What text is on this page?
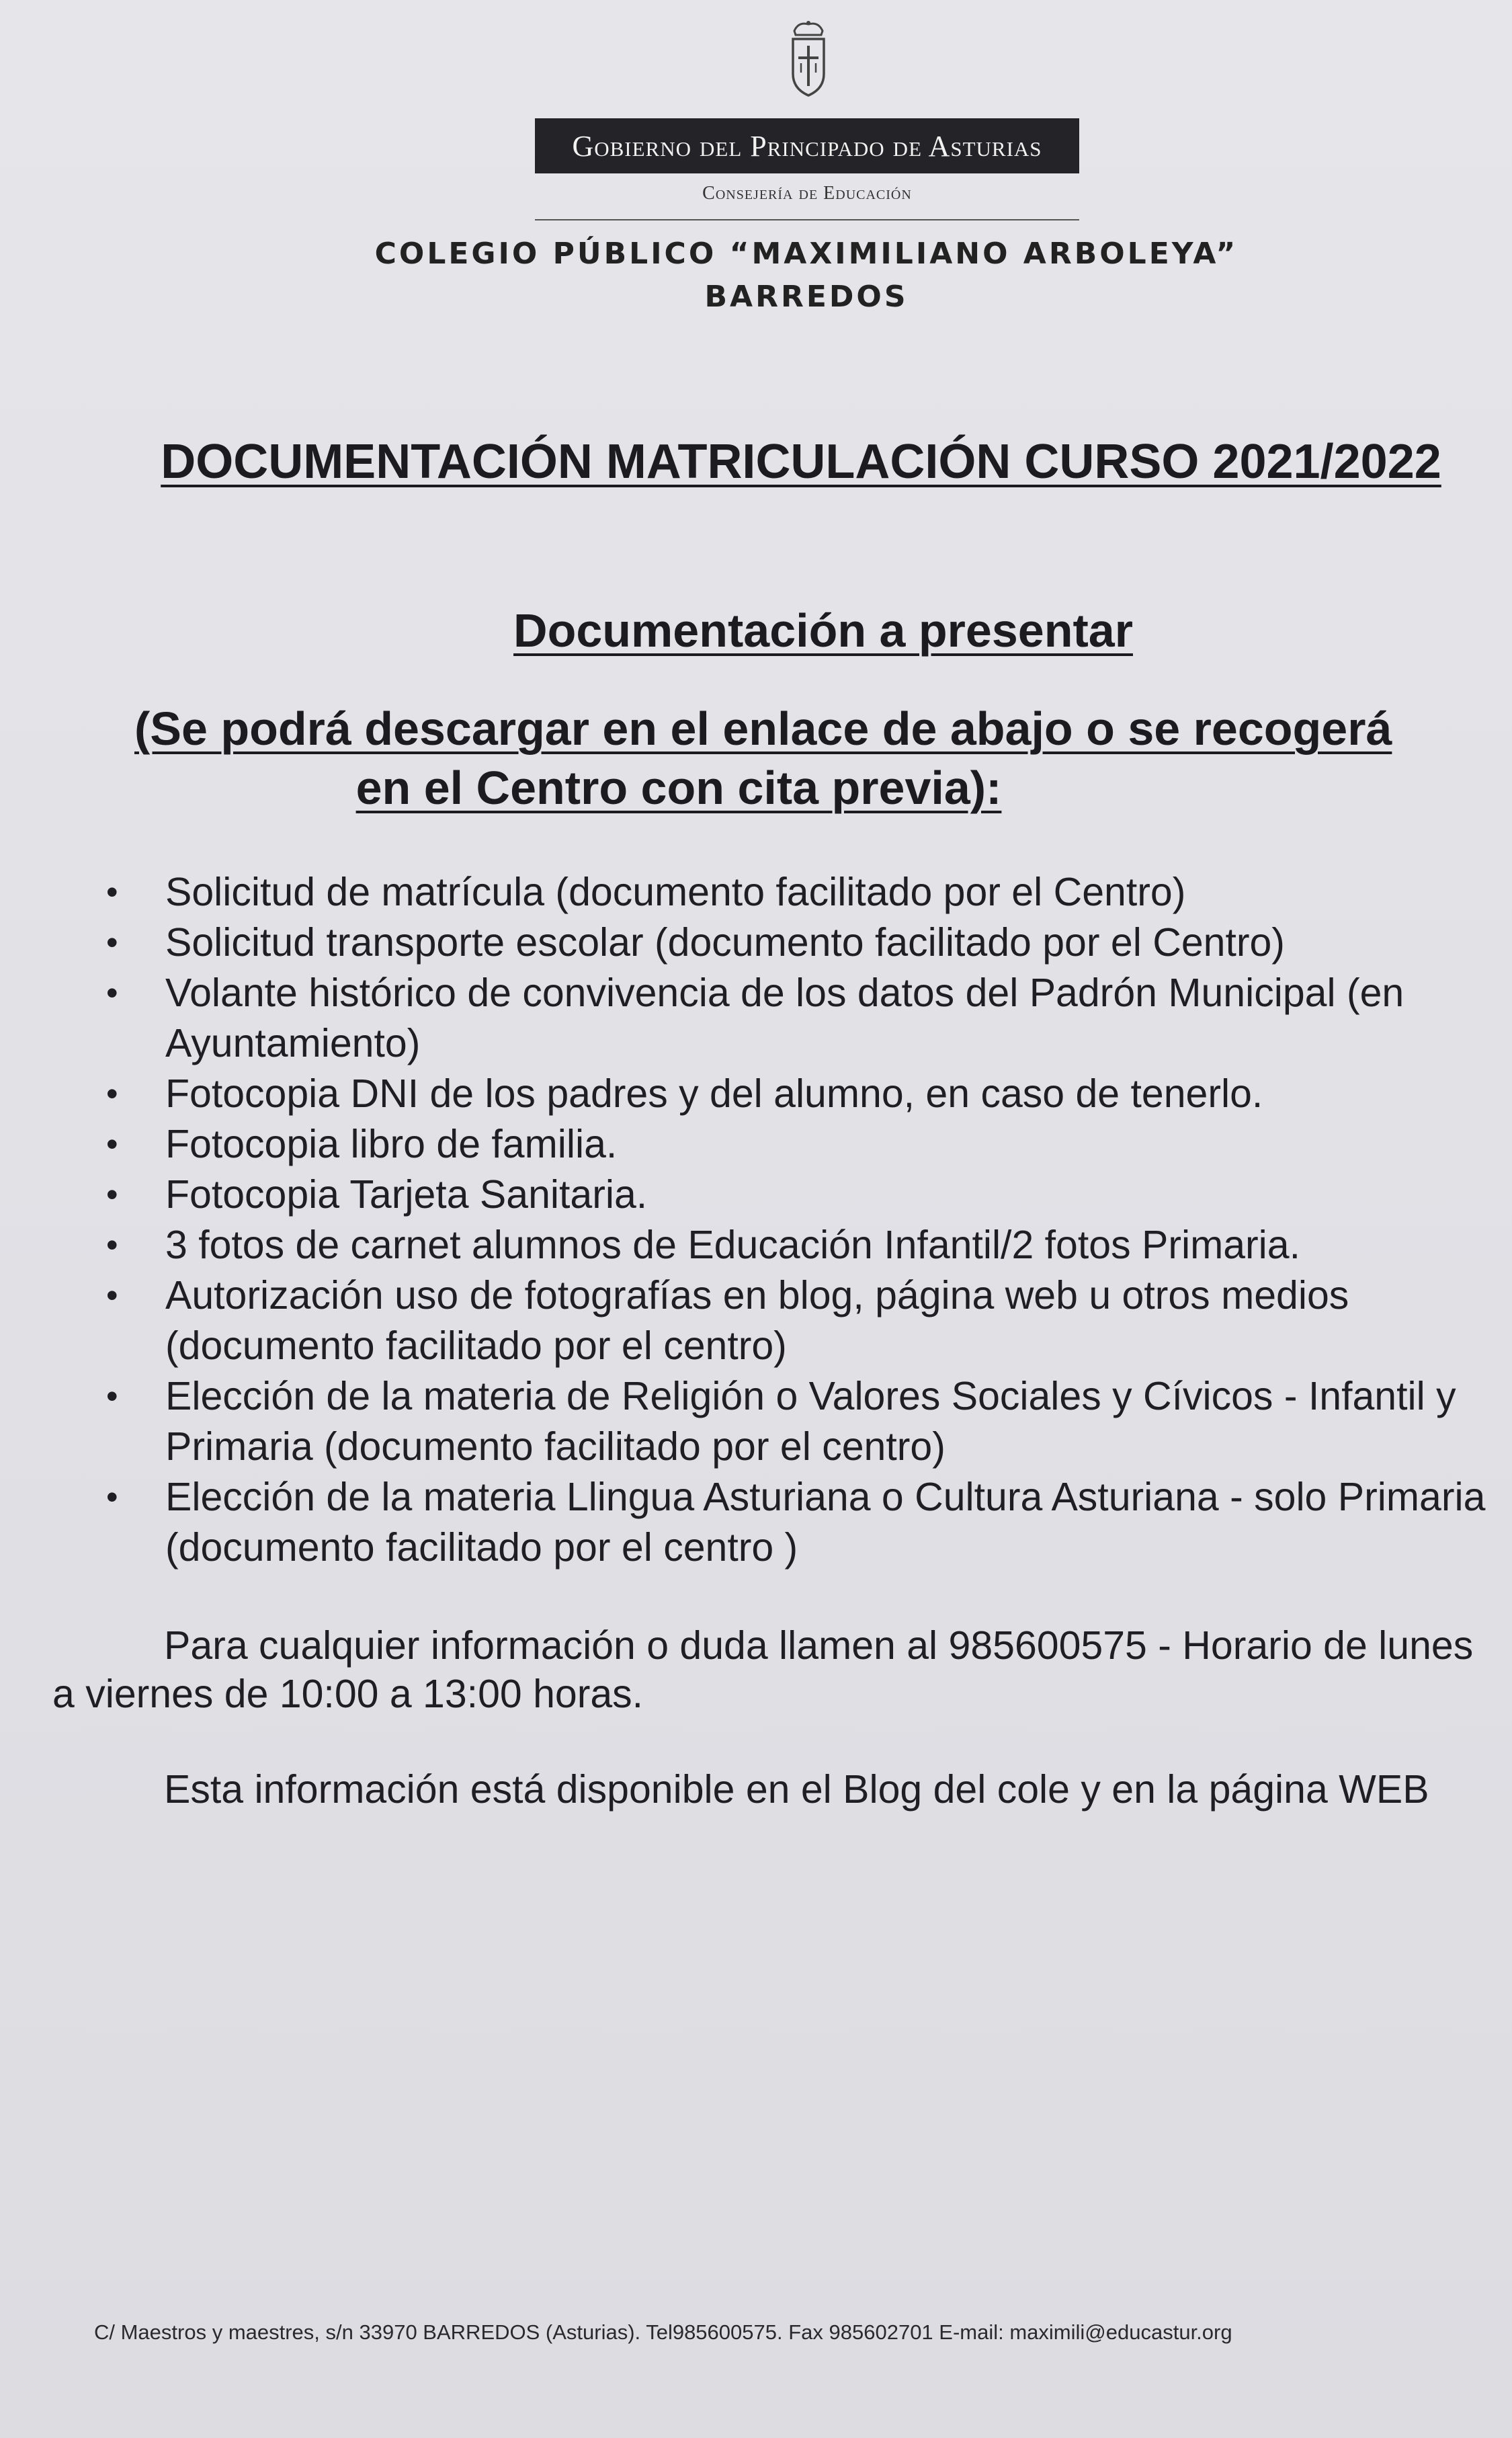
Gobierno del Principado de Asturias
Consejería de Educación
COLEGIO PÚBLICO “MAXIMILIANO ARBOLEYA”
BARREDOS
DOCUMENTACIÓN MATRICULACIÓN CURSO 2021/2022
Documentación a presentar
(Se podrá descargar en el enlace de abajo o se recogerá
en el Centro con cita previa):
• Solicitud de matrícula (documento facilitado por el Centro)
• Solicitud transporte escolar (documento facilitado por el Centro)
• Volante histórico de convivencia de los datos del Padrón Municipal (en Ayuntamiento)
• Fotocopia DNI de los padres y del alumno, en caso de tenerlo.
• Fotocopia libro de familia.
• Fotocopia Tarjeta Sanitaria.
• 3 fotos de carnet alumnos de Educación Infantil/2 fotos Primaria.
• Autorización uso de fotografías en blog, página web u otros medios (documento facilitado por el centro)
• Elección de la materia de Religión o Valores Sociales y Cívicos - Infantil y Primaria (documento facilitado por el centro)
• Elección de la materia Llingua Asturiana o Cultura Asturiana - solo Primaria (documento facilitado por el centro )

Para cualquier información o duda llamen al 985600575 - Horario de lunes a viernes de 10:00 a 13:00 horas.

Esta información está disponible en el Blog del cole y en la página WEB

C/ Maestros y maestres, s/n 33970 BARREDOS (Asturias). Tel985600575. Fax 985602701 E-mail: maximili@educastur.org
